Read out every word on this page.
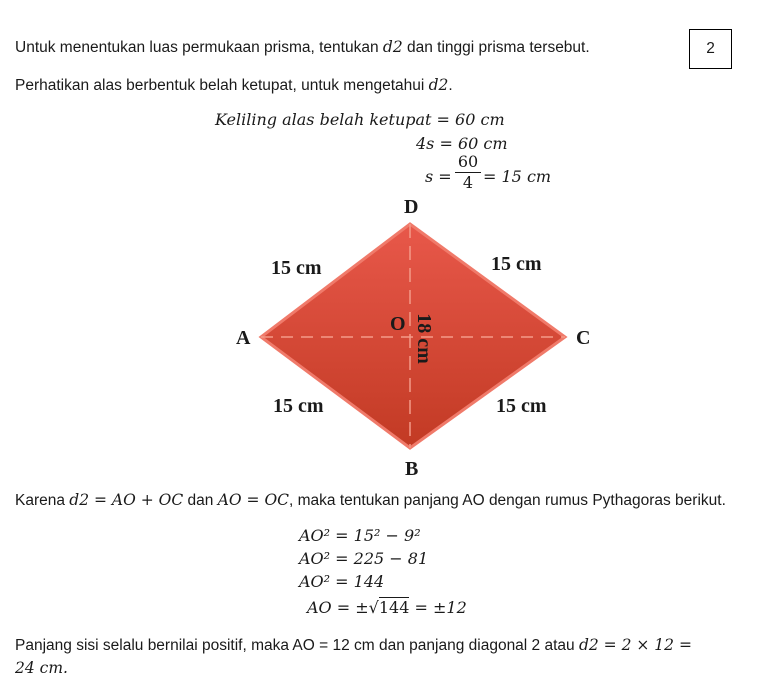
2
Untuk menentukan luas permukaan prisma, tentukan d2 dan tinggi prisma tersebut.
Perhatikan alas berbentuk belah ketupat, untuk mengetahui d2.
Keliling alas belah ketupat = 60 cm
4s = 60 cm
s =
60
4 = 15 cm
D
A	C
B
O
15 cm	15 cm
15 cm	15 cm
18 cm
Karena d2 = AO + OC dan AO = OC, maka tentukan panjang AO dengan rumus Pythagoras berikut.
AO² = 15² − 9²
AO² = 225 − 81
AO² = 144
AO = ±√144 = ±12
Panjang sisi selalu bernilai positif, maka AO = 12 cm dan panjang diagonal 2 atau d2 = 2 × 12 =
24 cm.
